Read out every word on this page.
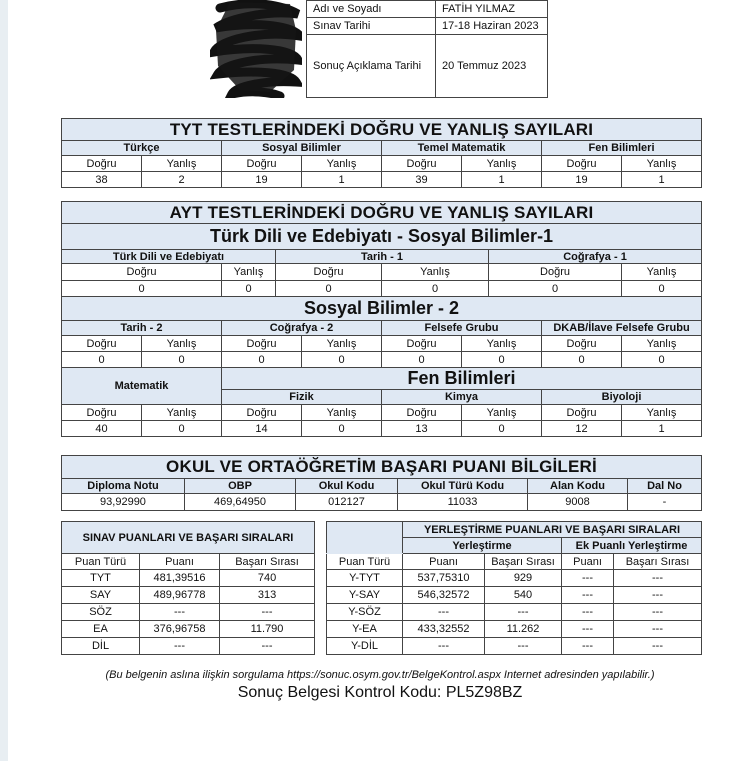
Adı ve Soyadı	FATİH YILMAZ
Sınav Tarihi	17-18 Haziran 2023
Sonuç Açıklama Tarihi	20 Temmuz 2023
TYT TESTLERİNDEKİ DOĞRU VE YANLIŞ SAYILARI							
Türkçe		Sosyal Bilimler		Temel Matematik		Fen Bilimleri	
Doğru	Yanlış	Doğru	Yanlış	Doğru	Yanlış	Doğru	Yanlış
38	2	19	1	39	1	19	1
AYT TESTLERİNDEKİ DOĞRU VE YANLIŞ SAYILARI									
Türk Dili ve Edebiyatı - Sosyal Bilimler-1									
Türk Dili ve Edebiyatı			Tarih - 1				Coğrafya - 1		
Doğru		Yanlış	Doğru		Yanlış		Doğru		Yanlış
0		0	0		0		0		0
Sosyal Bilimler - 2									
Tarih - 2		Coğrafya - 2			Felsefe Grubu			DKAB/İlave Felsefe Grubu	
Doğru	Yanlış	Doğru		Yanlış	Doğru	Yanlış		Doğru	Yanlış
0	0	0		0	0	0		0	0
Matematik		Fen Bilimleri							
		Fizik			Kimya			Biyoloji	
Doğru	Yanlış	Doğru		Yanlış	Doğru	Yanlış		Doğru	Yanlış
40	0	14		0	13	0		12	1
OKUL VE ORTAÖĞRETİM BAŞARI PUANI BİLGİLERİ					
Diploma Notu	OBP	Okul Kodu	Okul Türü Kodu	Alan Kodu	Dal No
93,92990	469,64950	012127	11033	9008	-
SINAV PUANLARI VE BAŞARI SIRALARI		
Puan Türü	Puanı	Başarı Sırası
TYT	481,39516	740
SAY	489,96778	313
SÖZ	---	---
EA	376,96758	11.790
DİL	---	---
	YERLEŞTİRME PUANLARI VE BAŞARI SIRALARI			
	Yerleştirme		Ek Puanlı Yerleştirme	
Puan Türü	Puanı	Başarı Sırası	Puanı	Başarı Sırası
Y-TYT	537,75310	929	---	---
Y-SAY	546,32572	540	---	---
Y-SÖZ	---	---	---	---
Y-EA	433,32552	11.262	---	---
Y-DİL	---	---	---	---
(Bu belgenin aslına ilişkin sorgulama https://sonuc.osym.gov.tr/BelgeKontrol.aspx Internet adresinden yapılabilir.)
Sonuç Belgesi Kontrol Kodu: PL5Z98BZ
